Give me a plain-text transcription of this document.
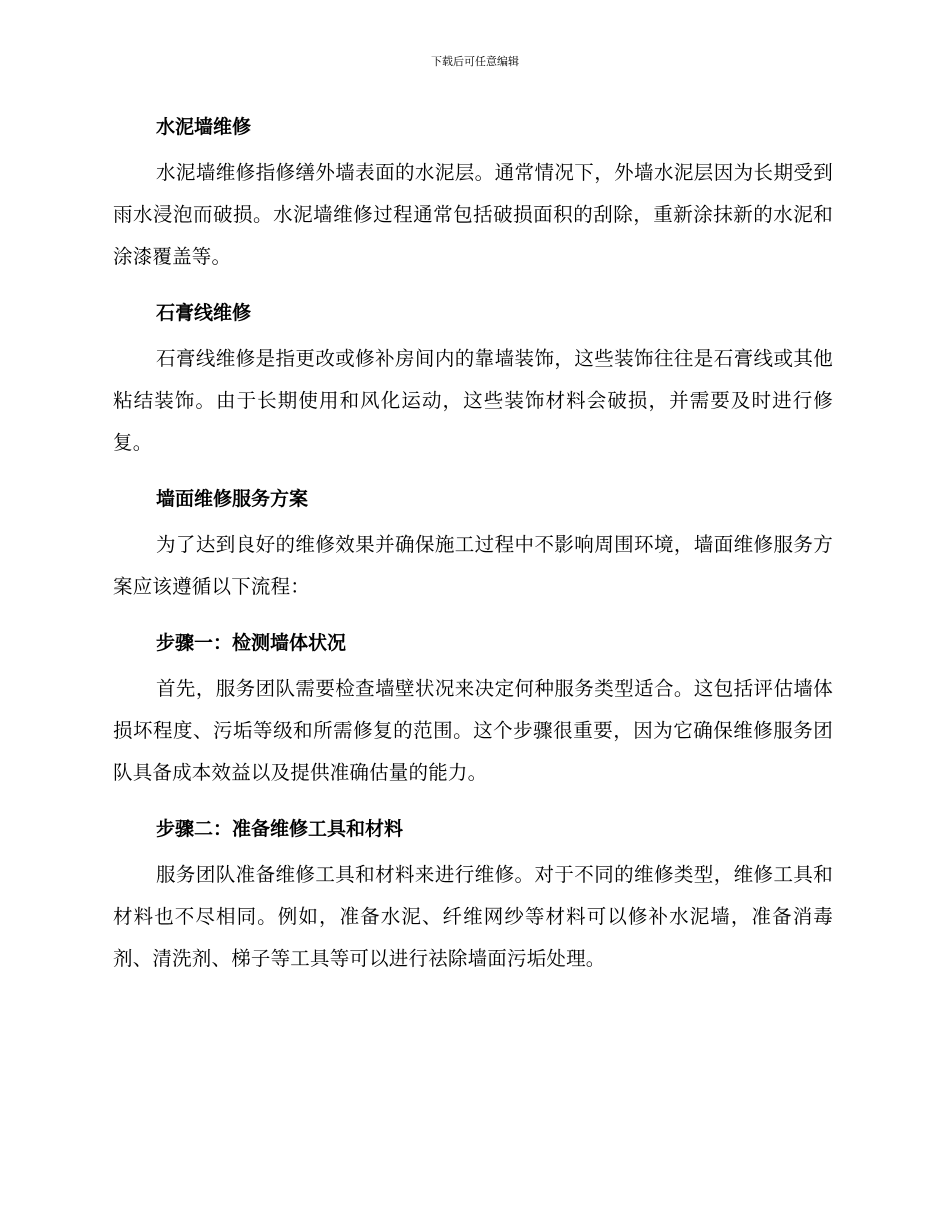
下载后可任意编辑
水泥墙维修

水泥墙维修指修缮外墙表面的水泥层。通常情况下，外墙水泥层因为长期受到雨水浸泡而破损。水泥墙维修过程通常包括破损面积的刮除，重新涂抹新的水泥和涂漆覆盖等。

石膏线维修

石膏线维修是指更改或修补房间内的靠墙装饰，这些装饰往往是石膏线或其他粘结装饰。由于长期使用和风化运动，这些装饰材料会破损，并需要及时进行修复。

墙面维修服务方案

为了达到良好的维修效果并确保施工过程中不影响周围环境，墙面维修服务方案应该遵循以下流程：

步骤一：检测墙体状况

首先，服务团队需要检查墙壁状况来决定何种服务类型适合。这包括评估墙体损坏程度、污垢等级和所需修复的范围。这个步骤很重要，因为它确保维修服务团队具备成本效益以及提供准确估量的能力。

步骤二：准备维修工具和材料

服务团队准备维修工具和材料来进行维修。对于不同的维修类型，维修工具和材料也不尽相同。例如，准备水泥、纤维网纱等材料可以修补水泥墙，准备消毒剂、清洗剂、梯子等工具等可以进行祛除墙面污垢处理。
